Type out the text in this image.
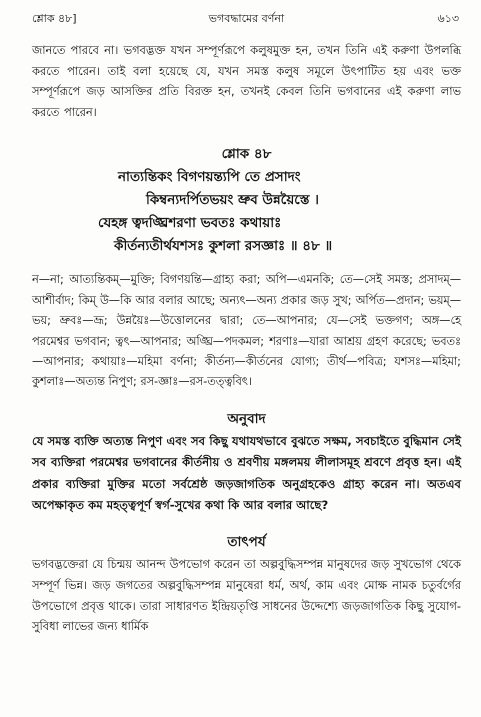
শ্লোক ৪৮]	ভগবদ্ধামের বর্ণনা	৬১৩

জানতে পারবে না। ভগবদ্ভক্ত যখন সম্পূর্ণরূপে কলুষমুক্ত হন, তখন তিনি এই করুণা উপলব্ধি করতে পারেন। তাই বলা হয়েছে যে, যখন সমস্ত কলুষ সমূলে উৎপাটিত হয় এবং ভক্ত সম্পূর্ণরূপে জড় আসক্তির প্রতি বিরক্ত হন, তখনই কেবল তিনি ভগবানের এই করুণা লাভ করতে পারেন।

শ্লোক ৪৮
নাত্যন্তিকং বিগণয়ন্ত্যপি তে প্রসাদং
কিম্বন্যদর্পিতভয়ং ভ্রুব উন্নয়ৈস্তে ।
যেহঙ্গ ত্বদঙ্ঘ্রিশরণা ভবতঃ কথায়াঃ
কীর্তন্যতীর্থযশসঃ কুশলা রসজ্ঞাঃ ॥ ৪৮ ॥

ন—না; আত্যন্তিকম্—মুক্তি; বিগণয়ন্তি—গ্রাহ্য করা; অপি—এমনকি; তে—সেই সমস্ত; প্রসাদম্—আশীর্বাদ; কিম্ উ—কি আর বলার আছে; অন্যৎ—অন্য প্রকার জড় সুখ; অর্পিত—প্রদান; ভয়ম্—ভয়; ভ্রুবঃ—ভ্রূ; উন্নয়ৈঃ—উত্তোলনের দ্বারা; তে—আপনার; যে—সেই ভক্তগণ; অঙ্গ—হে পরমেশ্বর ভগবান; ত্বৎ—আপনার; অঙ্ঘ্রি—পদকমল; শরণাঃ—যারা আশ্রয় গ্রহণ করেছে; ভবতঃ—আপনার; কথায়াঃ—মহিমা বর্ণনা; কীর্তন্য—কীর্তনের যোগ্য; তীর্থ—পবিত্র; যশসঃ—মহিমা; কুশলাঃ—অত্যন্ত নিপুণ; রস-জ্ঞাঃ—রস-তত্ত্ববিৎ।

অনুবাদ

যে সমস্ত ব্যক্তি অত্যন্ত নিপুণ এবং সব কিছু যথাযথভাবে বুঝতে সক্ষম, সবচাইতে বুদ্ধিমান সেই সব ব্যক্তিরা পরমেশ্বর ভগবানের কীর্তনীয় ও শ্রবণীয় মঙ্গলময় লীলাসমূহ শ্রবণে প্রবৃত্ত হন। এই প্রকার ব্যক্তিরা মুক্তির মতো সর্বশ্রেষ্ঠ জড়জাগতিক অনুগ্রহকেও গ্রাহ্য করেন না। অতএব অপেক্ষাকৃত কম মহত্ত্বপূর্ণ স্বর্গ-সুখের কথা কি আর বলার আছে?

তাৎপর্য

ভগবদ্ভক্তেরা যে চিন্ময় আনন্দ উপভোগ করেন তা অল্পবুদ্ধিসম্পন্ন মানুষদের জড় সুখভোগ থেকে সম্পূর্ণ ভিন্ন। জড় জগতের অল্পবুদ্ধিসম্পন্ন মানুষেরা ধর্ম, অর্থ, কাম এবং মোক্ষ নামক চতুর্বর্গের উপভোগে প্রবৃত্ত থাকে। তারা সাধারণত ইন্দ্রিয়তৃপ্তি সাধনের উদ্দেশ্যে জড়জাগতিক কিছু সুযোগ-সুবিধা লাভের জন্য ধার্মিক
